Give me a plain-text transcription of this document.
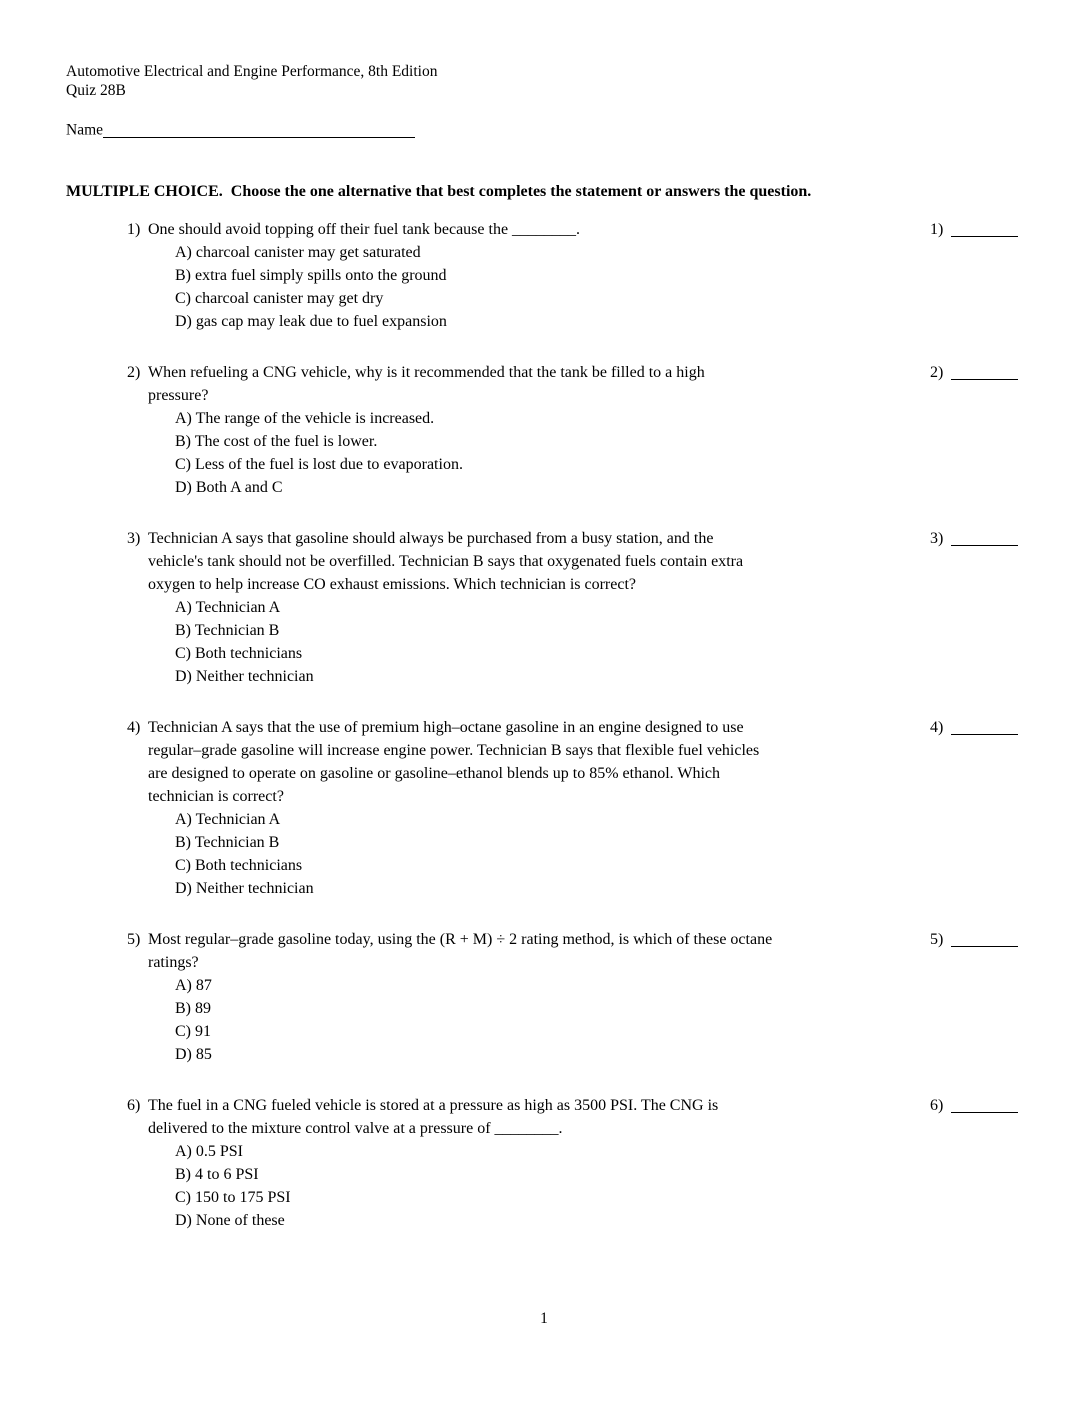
Automotive Electrical and Engine Performance, 8th Edition
Quiz 28B
Name
MULTIPLE CHOICE.  Choose the one alternative that best completes the statement or answers the question.
1) One should avoid topping off their fuel tank because the ________.
A) charcoal canister may get saturated
B) extra fuel simply spills onto the ground
C) charcoal canister may get dry
D) gas cap may leak due to fuel expansion
1)
2) When refueling a CNG vehicle, why is it recommended that the tank be filled to a high
pressure?
A) The range of the vehicle is increased.
B) The cost of the fuel is lower.
C) Less of the fuel is lost due to evaporation.
D) Both A and C
2)
3) Technician A says that gasoline should always be purchased from a busy station, and the
vehicle's tank should not be overfilled. Technician B says that oxygenated fuels contain extra
oxygen to help increase CO exhaust emissions. Which technician is correct?
A) Technician A
B) Technician B
C) Both technicians
D) Neither technician
3)
4) Technician A says that the use of premium high–octane gasoline in an engine designed to use
regular–grade gasoline will increase engine power. Technician B says that flexible fuel vehicles
are designed to operate on gasoline or gasoline–ethanol blends up to 85% ethanol. Which
technician is correct?
A) Technician A
B) Technician B
C) Both technicians
D) Neither technician
4)
5) Most regular–grade gasoline today, using the (R + M) ÷ 2 rating method, is which of these octane
ratings?
A) 87
B) 89
C) 91
D) 85
5)
6) The fuel in a CNG fueled vehicle is stored at a pressure as high as 3500 PSI. The CNG is
delivered to the mixture control valve at a pressure of ________.
A) 0.5 PSI
B) 4 to 6 PSI
C) 150 to 175 PSI
D) None of these
6)
1
